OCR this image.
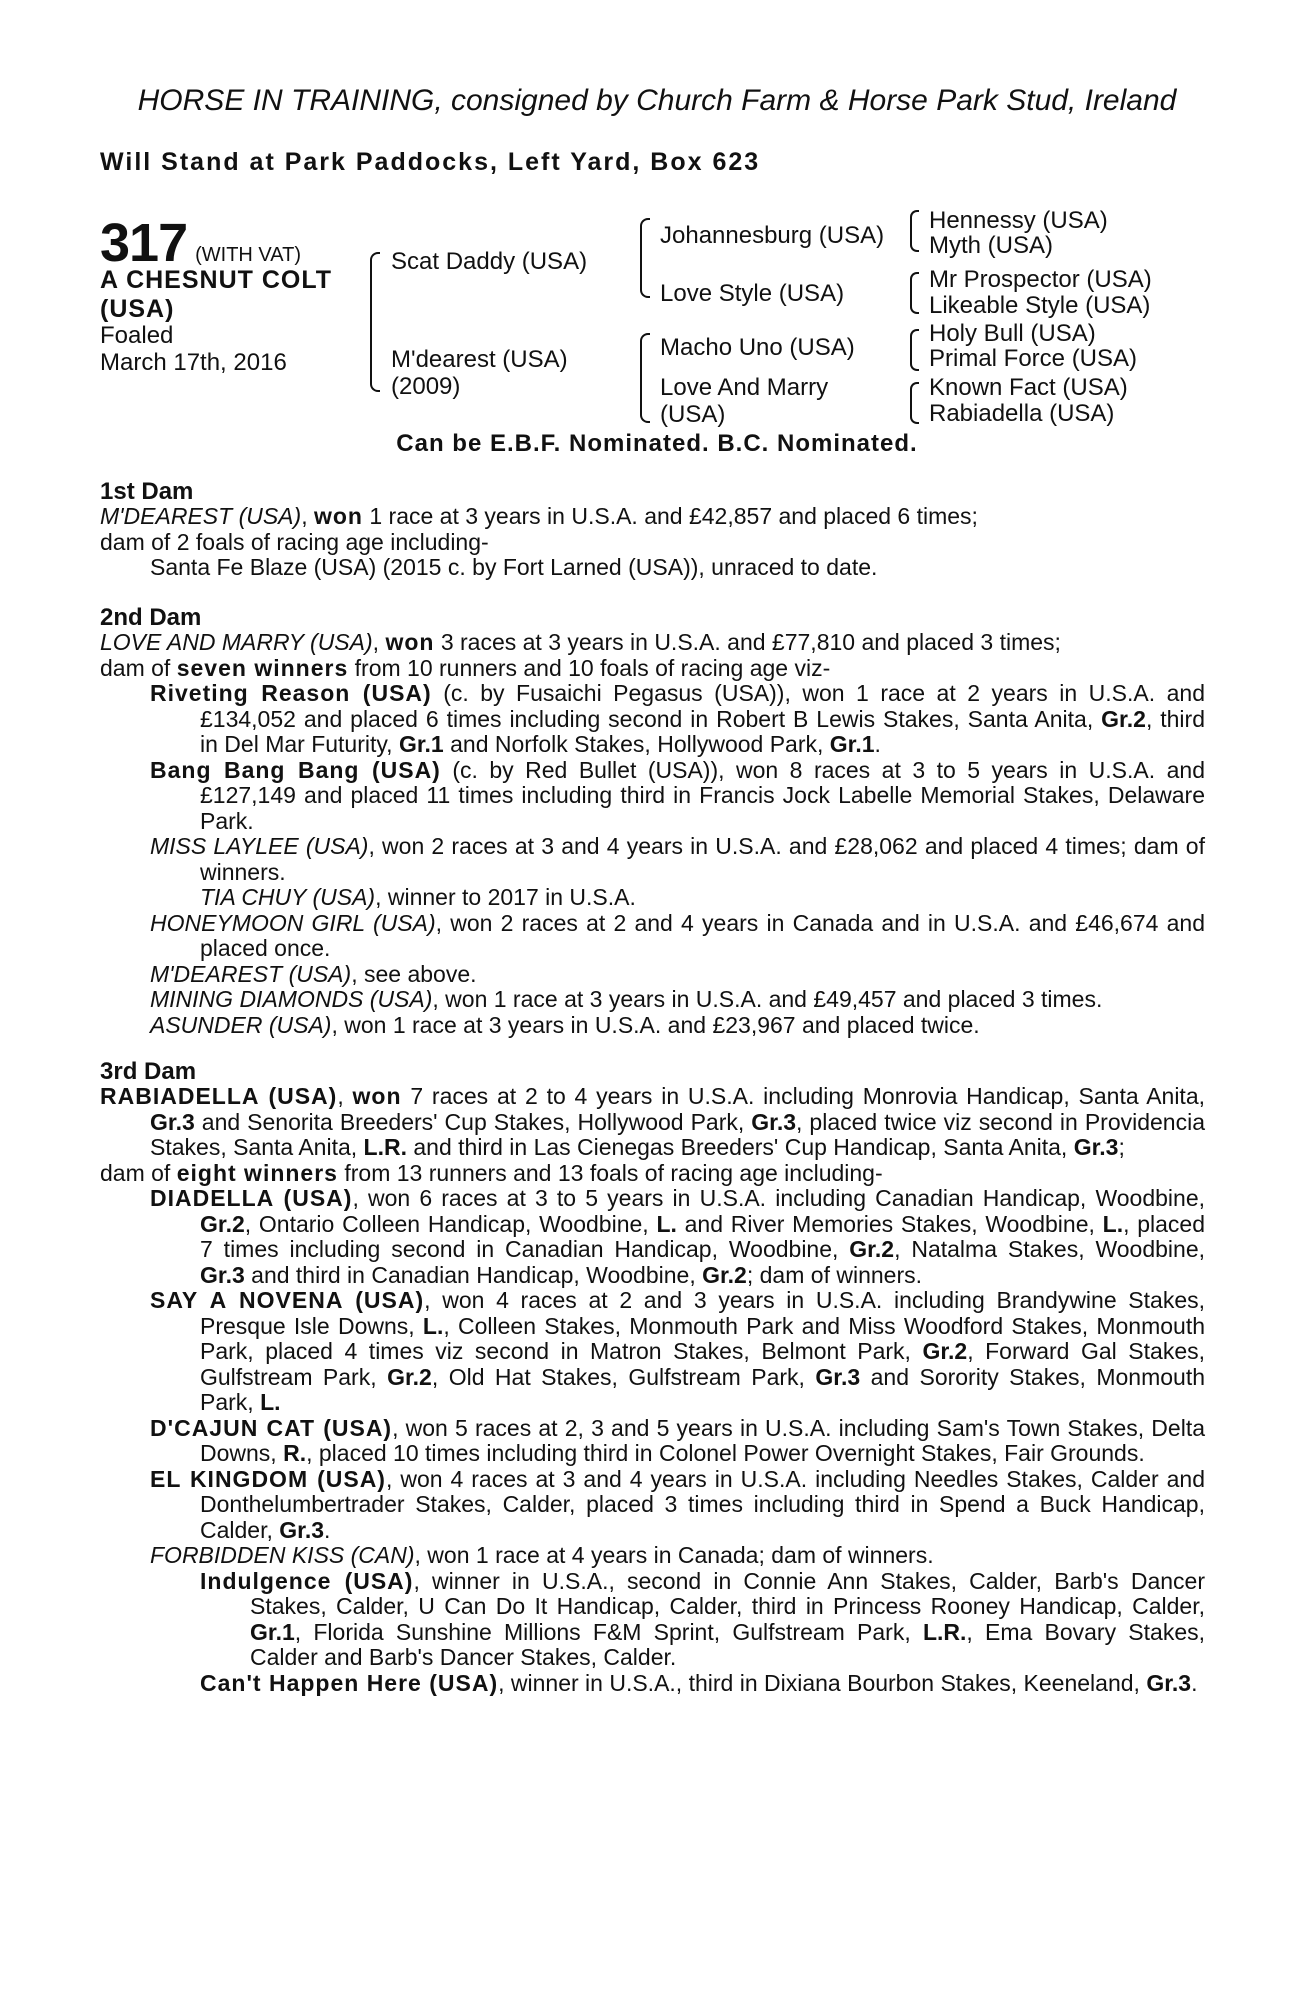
HORSE IN TRAINING, consigned by Church Farm & Horse Park Stud, Ireland
Will Stand at Park Paddocks, Left Yard, Box 623
317 (WITH VAT)
A CHESNUT COLT
(USA)
Foaled
March 17th, 2016
Scat Daddy (USA)
M'dearest (USA)
(2009)
Johannesburg (USA)
Love Style (USA)
Macho Uno (USA)
Love And Marry
(USA)
Hennessy (USA)
Myth (USA)
Mr Prospector (USA)
Likeable Style (USA)
Holy Bull (USA)
Primal Force (USA)
Known Fact (USA)
Rabiadella (USA)
Can be E.B.F. Nominated. B.C. Nominated.
1st Dam

M'DEAREST (USA), won 1 race at 3 years in U.S.A. and £42,857 and placed 6 times;

dam of 2 foals of racing age including-

Santa Fe Blaze (USA) (2015 c. by Fort Larned (USA)), unraced to date.

2nd Dam

LOVE AND MARRY (USA), won 3 races at 3 years in U.S.A. and £77,810 and placed 3 times;

dam of seven winners from 10 runners and 10 foals of racing age viz-

Riveting Reason (USA) (c. by Fusaichi Pegasus (USA)), won 1 race at 2 years in U.S.A. and £134,052 and placed 6 times including second in Robert B Lewis Stakes, Santa Anita, Gr.2, third in Del Mar Futurity, Gr.1 and Norfolk Stakes, Hollywood Park, Gr.1.

Bang Bang Bang (USA) (c. by Red Bullet (USA)), won 8 races at 3 to 5 years in U.S.A. and £127,149 and placed 11 times including third in Francis Jock Labelle Memorial Stakes, Delaware Park.

MISS LAYLEE (USA), won 2 races at 3 and 4 years in U.S.A. and £28,062 and placed 4 times; dam of winners.

TIA CHUY (USA), winner to 2017 in U.S.A.

HONEYMOON GIRL (USA), won 2 races at 2 and 4 years in Canada and in U.S.A. and £46,674 and placed once.

M'DEAREST (USA), see above.

MINING DIAMONDS (USA), won 1 race at 3 years in U.S.A. and £49,457 and placed 3 times.

ASUNDER (USA), won 1 race at 3 years in U.S.A. and £23,967 and placed twice.

3rd Dam

RABIADELLA (USA), won 7 races at 2 to 4 years in U.S.A. including Monrovia Handicap, Santa Anita, Gr.3 and Senorita Breeders' Cup Stakes, Hollywood Park, Gr.3, placed twice viz second in Providencia Stakes, Santa Anita, L.R. and third in Las Cienegas Breeders' Cup Handicap, Santa Anita, Gr.3;

dam of eight winners from 13 runners and 13 foals of racing age including-

DIADELLA (USA), won 6 races at 3 to 5 years in U.S.A. including Canadian Handicap, Woodbine, Gr.2, Ontario Colleen Handicap, Woodbine, L. and River Memories Stakes, Woodbine, L., placed 7 times including second in Canadian Handicap, Woodbine, Gr.2, Natalma Stakes, Woodbine, Gr.3 and third in Canadian Handicap, Woodbine, Gr.2; dam of winners.

SAY A NOVENA (USA), won 4 races at 2 and 3 years in U.S.A. including Brandywine Stakes, Presque Isle Downs, L., Colleen Stakes, Monmouth Park and Miss Woodford Stakes, Monmouth Park, placed 4 times viz second in Matron Stakes, Belmont Park, Gr.2, Forward Gal Stakes, Gulfstream Park, Gr.2, Old Hat Stakes, Gulfstream Park, Gr.3 and Sorority Stakes, Monmouth Park, L.

D'CAJUN CAT (USA), won 5 races at 2, 3 and 5 years in U.S.A. including Sam's Town Stakes, Delta Downs, R., placed 10 times including third in Colonel Power Overnight Stakes, Fair Grounds.

EL KINGDOM (USA), won 4 races at 3 and 4 years in U.S.A. including Needles Stakes, Calder and Donthelumbertrader Stakes, Calder, placed 3 times including third in Spend a Buck Handicap, Calder, Gr.3.

FORBIDDEN KISS (CAN), won 1 race at 4 years in Canada; dam of winners.

Indulgence (USA), winner in U.S.A., second in Connie Ann Stakes, Calder, Barb's Dancer Stakes, Calder, U Can Do It Handicap, Calder, third in Princess Rooney Handicap, Calder, Gr.1, Florida Sunshine Millions F&M Sprint, Gulfstream Park, L.R., Ema Bovary Stakes, Calder and Barb's Dancer Stakes, Calder.

Can't Happen Here (USA), winner in U.S.A., third in Dixiana Bourbon Stakes, Keeneland, Gr.3.
